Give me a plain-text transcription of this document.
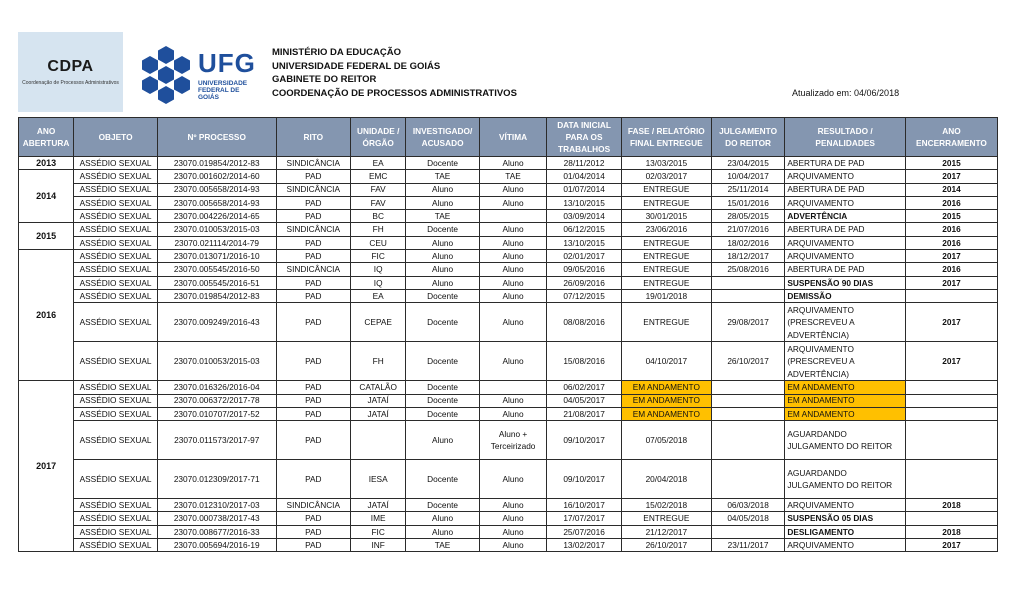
CDPA
Coordenação de Processos Administrativos
UFG
UNIVERSIDADE FEDERAL DE GOIÁS
MINISTÉRIO DA EDUCAÇÃO
UNIVERSIDADE FEDERAL DE GOIÁS
GABINETE DO REITOR
COORDENAÇÃO DE PROCESSOS ADMINISTRATIVOS	Atualizado em: 04/06/2018
ANO ABERTURA	OBJETO	Nº PROCESSO	RITO	UNIDADE /ÓRGÃO	INVESTIGADO/ ACUSADO	VÍTIMA	DATA INICIAL PARA OS TRABALHOS	FASE / RELATÓRIO FINAL ENTREGUE	JULGAMENTO DO REITOR	RESULTADO / PENALIDADES	ANO ENCERRAMENTO
2013	ASSÉDIO SEXUAL	23070.019854/2012-83	SINDICÂNCIA	EA	Docente	Aluno	28/11/2012	13/03/2015	23/04/2015	ABERTURA DE PAD	2015
2014	ASSÉDIO SEXUAL	23070.001602/2014-60	PAD	EMC	TAE	TAE	01/04/2014	02/03/2017	10/04/2017	ARQUIVAMENTO	2017
	ASSÉDIO SEXUAL	23070.005658/2014-93	SINDICÂNCIA	FAV	Aluno	Aluno	01/07/2014	ENTREGUE	25/11/2014	ABERTURA DE PAD	2014
	ASSÉDIO SEXUAL	23070.005658/2014-93	PAD	FAV	Aluno	Aluno	13/10/2015	ENTREGUE	15/01/2016	ARQUIVAMENTO	2016
	ASSÉDIO SEXUAL	23070.004226/2014-65	PAD	BC	TAE		03/09/2014	30/01/2015	28/05/2015	ADVERTÊNCIA	2015
2015	ASSÉDIO SEXUAL	23070.010053/2015-03	SINDICÂNCIA	FH	Docente	Aluno	06/12/2015	23/06/2016	21/07/2016	ABERTURA DE PAD	2016
	ASSÉDIO SEXUAL	23070.021114/2014-79	PAD	CEU	Aluno	Aluno	13/10/2015	ENTREGUE	18/02/2016	ARQUIVAMENTO	2016
2016	ASSÉDIO SEXUAL	23070.013071/2016-10	PAD	FIC	Aluno	Aluno	02/01/2017	ENTREGUE	18/12/2017	ARQUIVAMENTO	2017
	ASSÉDIO SEXUAL	23070.005545/2016-50	SINDICÂNCIA	IQ	Aluno	Aluno	09/05/2016	ENTREGUE	25/08/2016	ABERTURA DE PAD	2016
	ASSÉDIO SEXUAL	23070.005545/2016-51	PAD	IQ	Aluno	Aluno	26/09/2016	ENTREGUE		SUSPENSÃO 90 DIAS	2017
	ASSÉDIO SEXUAL	23070.019854/2012-83	PAD	EA	Docente	Aluno	07/12/2015	19/01/2018		DEMISSÃO	
	ASSÉDIO SEXUAL	23070.009249/2016-43	PAD	CEPAE	Docente	Aluno	08/08/2016	ENTREGUE	29/08/2017	ARQUIVAMENTO (PRESCREVEU A ADVERTÊNCIA)	2017
	ASSÉDIO SEXUAL	23070.010053/2015-03	PAD	FH	Docente	Aluno	15/08/2016	04/10/2017	26/10/2017	ARQUIVAMENTO (PRESCREVEU A ADVERTÊNCIA)	2017
2017	ASSÉDIO SEXUAL	23070.016326/2016-04	PAD	CATALÃO	Docente		06/02/2017	EM ANDAMENTO		EM ANDAMENTO	
	ASSÉDIO SEXUAL	23070.006372/2017-78	PAD	JATAÍ	Docente	Aluno	04/05/2017	EM ANDAMENTO		EM ANDAMENTO	
	ASSÉDIO SEXUAL	23070.010707/2017-52	PAD	JATAÍ	Docente	Aluno	21/08/2017	EM ANDAMENTO		EM ANDAMENTO	
	ASSÉDIO SEXUAL	23070.011573/2017-97	PAD		Aluno	Aluno + Terceirizado	09/10/2017	07/05/2018		AGUARDANDO JULGAMENTO DO REITOR	
	ASSÉDIO SEXUAL	23070.012309/2017-71	PAD	IESA	Docente	Aluno	09/10/2017	20/04/2018		AGUARDANDO JULGAMENTO DO REITOR	
	ASSÉDIO SEXUAL	23070.012310/2017-03	SINDICÂNCIA	JATAÍ	Docente	Aluno	16/10/2017	15/02/2018	06/03/2018	ARQUIVAMENTO	2018
	ASSÉDIO SEXUAL	23070.000738/2017-43	PAD	IME	Aluno	Aluno	17/07/2017	ENTREGUE	04/05/2018	SUSPENSÃO 05 DIAS	
	ASSÉDIO SEXUAL	23070.008677/2016-33	PAD	FIC	Aluno	Aluno	25/07/2016	21/12/2017		DESLIGAMENTO	2018
	ASSÉDIO SEXUAL	23070.005694/2016-19	PAD	INF	TAE	Aluno	13/02/2017	26/10/2017	23/11/2017	ARQUIVAMENTO	2017
